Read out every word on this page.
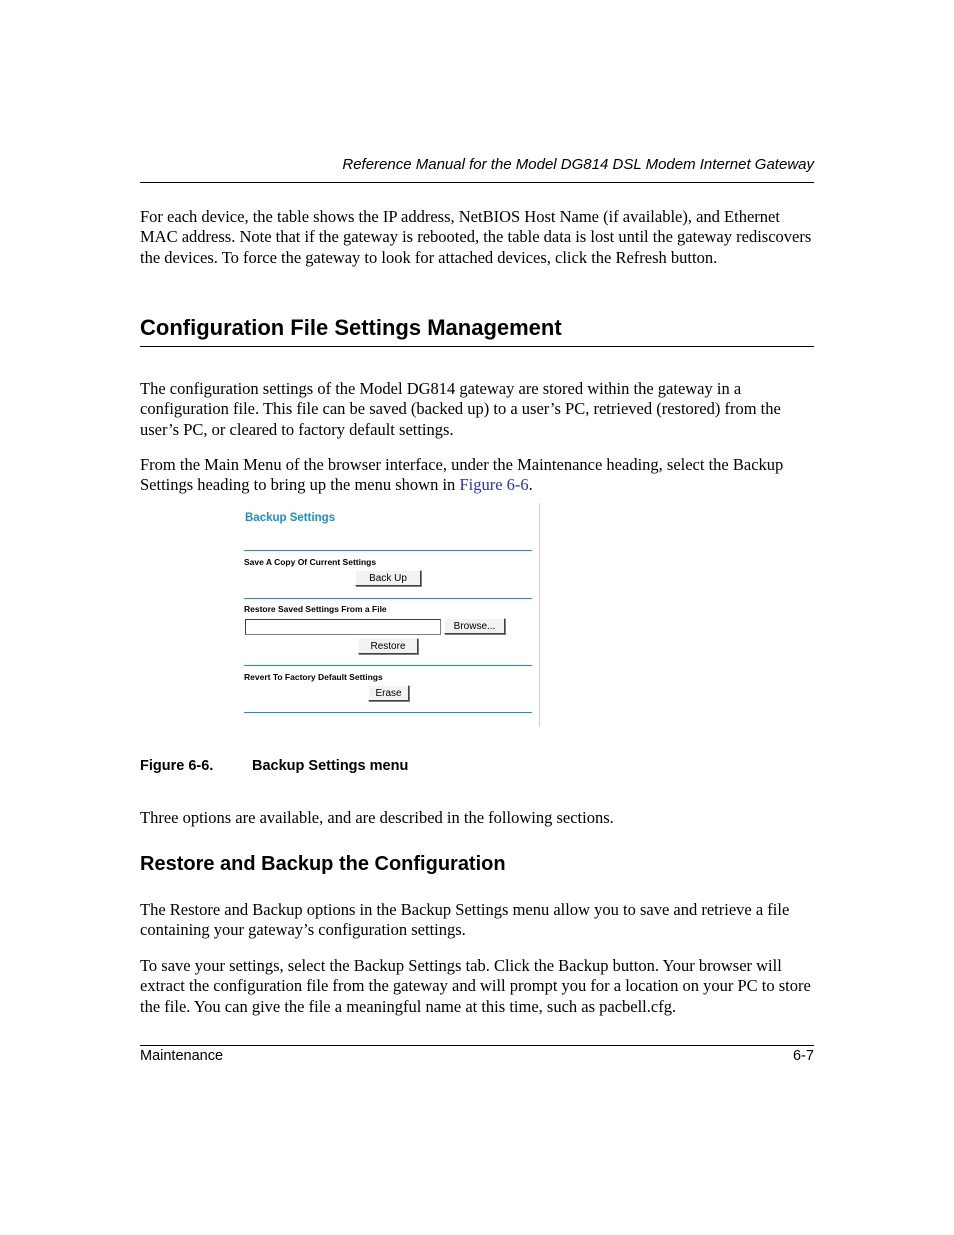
Reference Manual for the Model DG814 DSL Modem Internet Gateway

For each device, the table shows the IP address, NetBIOS Host Name (if available), and Ethernet MAC address. Note that if the gateway is rebooted, the table data is lost until the gateway rediscovers the devices. To force the gateway to look for attached devices, click the Refresh button.

Configuration File Settings Management

The configuration settings of the Model DG814 gateway are stored within the gateway in a configuration file. This file can be saved (backed up) to a user’s PC, retrieved (restored) from the user’s PC, or cleared to factory default settings.

From the Main Menu of the browser interface, under the Maintenance heading, select the Backup Settings heading to bring up the menu shown in Figure 6-6.

Backup Settings
Save A Copy Of Current Settings
Back Up
Restore Saved Settings From a File
Browse...
Restore
Revert To Factory Default Settings
Erase
Figure 6-6.	Backup Settings menu

Three options are available, and are described in the following sections.

Restore and Backup the Configuration

The Restore and Backup options in the Backup Settings menu allow you to save and retrieve a file containing your gateway’s configuration settings.

To save your settings, select the Backup Settings tab. Click the Backup button. Your browser will extract the configuration file from the gateway and will prompt you for a location on your PC to store the file. You can give the file a meaningful name at this time, such as pacbell.cfg.

Maintenance	6-7
